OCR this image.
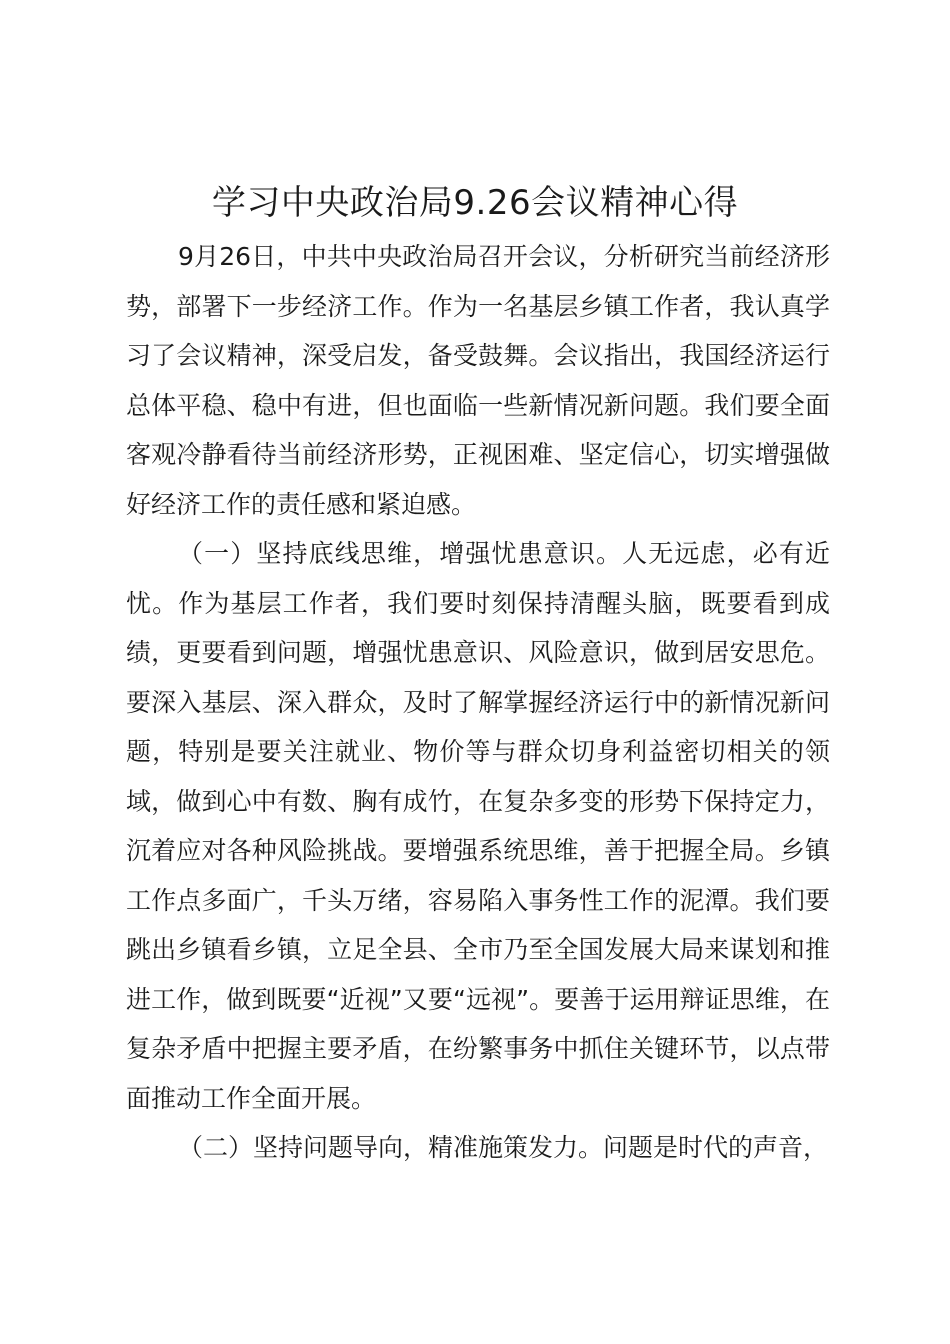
学习中央政治局9.26会议精神心得

9月26日，中共中央政治局召开会议，分析研究当前经济形势，部署下一步经济工作。作为一名基层乡镇工作者，我认真学习了会议精神，深受启发，备受鼓舞。会议指出，我国经济运行总体平稳、稳中有进，但也面临一些新情况新问题。我们要全面客观冷静看待当前经济形势，正视困难、坚定信心，切实增强做好经济工作的责任感和紧迫感。

（一）坚持底线思维，增强忧患意识。人无远虑，必有近忧。作为基层工作者，我们要时刻保持清醒头脑，既要看到成绩，更要看到问题，增强忧患意识、风险意识，做到居安思危。要深入基层、深入群众，及时了解掌握经济运行中的新情况新问题，特别是要关注就业、物价等与群众切身利益密切相关的领域，做到心中有数、胸有成竹，在复杂多变的形势下保持定力，沉着应对各种风险挑战。要增强系统思维，善于把握全局。乡镇工作点多面广，千头万绪，容易陷入事务性工作的泥潭。我们要跳出乡镇看乡镇，立足全县、全市乃至全国发展大局来谋划和推进工作，做到既要“近视”又要“远视”。要善于运用辩证思维，在复杂矛盾中把握主要矛盾，在纷繁事务中抓住关键环节，以点带面推动工作全面开展。

（二）坚持问题导向，精准施策发力。问题是时代的声音，
